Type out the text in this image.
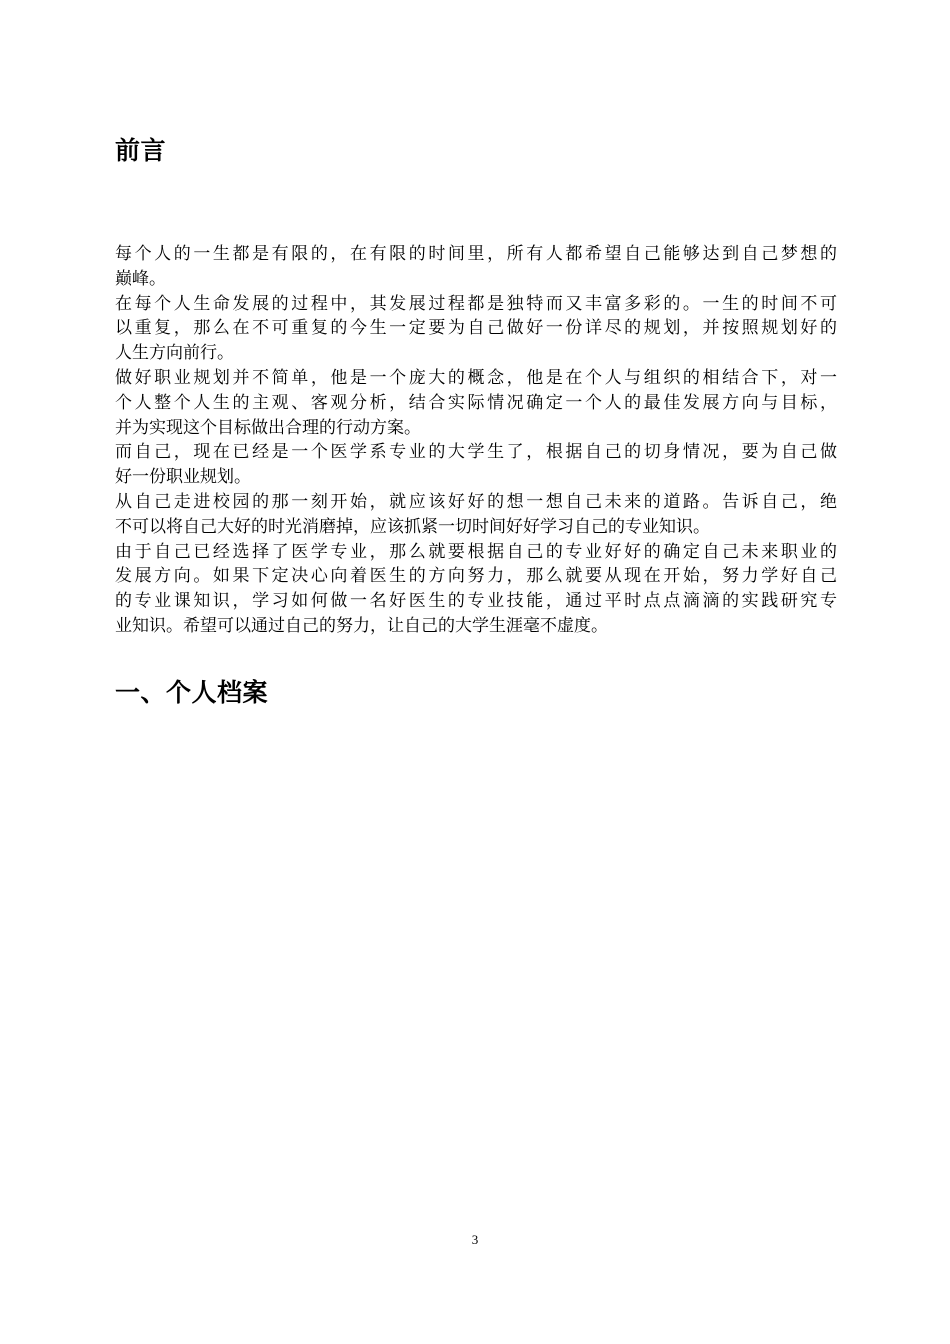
前言
每个人的一生都是有限的，在有限的时间里，所有人都希望自己能够达到自己梦想的
巅峰。
在每个人生命发展的过程中，其发展过程都是独特而又丰富多彩的。一生的时间不可
以重复，那么在不可重复的今生一定要为自己做好一份详尽的规划，并按照规划好的
人生方向前行。
做好职业规划并不简单，他是一个庞大的概念，他是在个人与组织的相结合下，对一
个人整个人生的主观、客观分析，结合实际情况确定一个人的最佳发展方向与目标，
并为实现这个目标做出合理的行动方案。
而自己，现在已经是一个医学系专业的大学生了，根据自己的切身情况，要为自己做
好一份职业规划。
从自己走进校园的那一刻开始，就应该好好的想一想自己未来的道路。告诉自己，绝
不可以将自己大好的时光消磨掉，应该抓紧一切时间好好学习自己的专业知识。
由于自己已经选择了医学专业，那么就要根据自己的专业好好的确定自己未来职业的
发展方向。如果下定决心向着医生的方向努力，那么就要从现在开始，努力学好自己
的专业课知识，学习如何做一名好医生的专业技能，通过平时点点滴滴的实践研究专
业知识。希望可以通过自己的努力，让自己的大学生涯毫不虚度。
一、个人档案
3
